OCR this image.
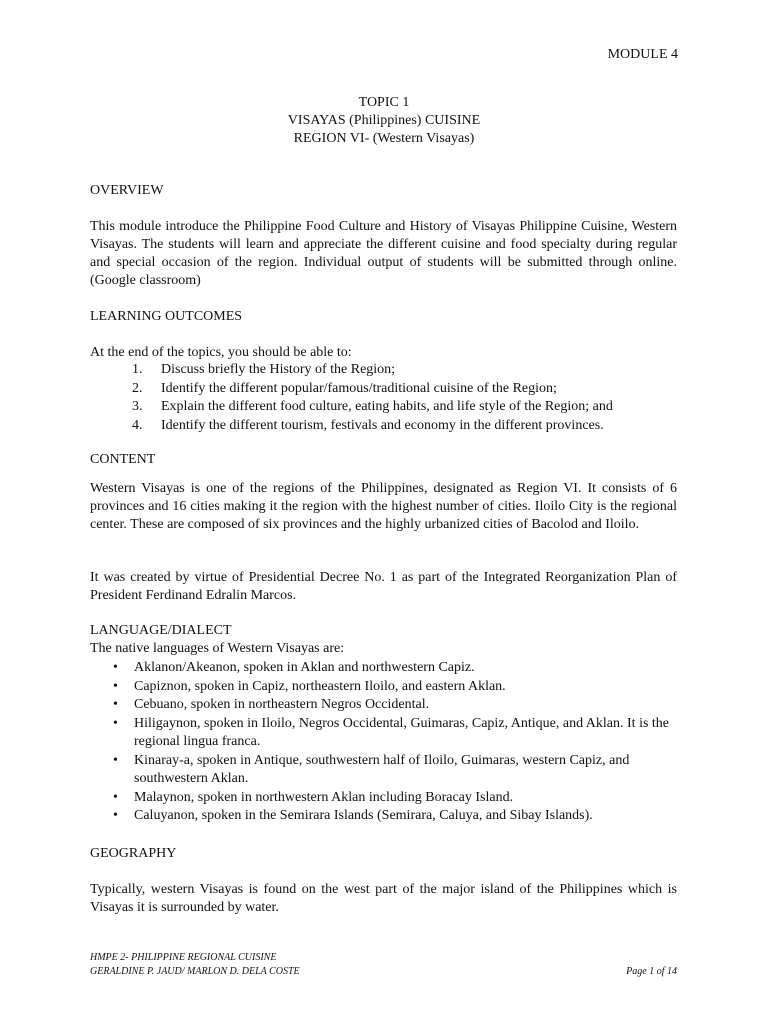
MODULE 4
TOPIC 1
VISAYAS (Philippines) CUISINE
REGION VI- (Western Visayas)
OVERVIEW
This module introduce the Philippine Food Culture and History of Visayas Philippine Cuisine, Western Visayas. The students will learn and appreciate the different cuisine and food specialty during regular and special occasion of the region. Individual output of students will be submitted through online. (Google classroom)
LEARNING OUTCOMES
At the end of the topics, you should be able to:
1. Discuss briefly the History of the Region;
2. Identify the different popular/famous/traditional cuisine of the Region;
3. Explain the different food culture, eating habits, and life style of the Region; and
4. Identify the different tourism, festivals and economy in the different provinces.
CONTENT
Western Visayas is one of the regions of the Philippines, designated as Region VI. It consists of 6 provinces and 16 cities making it the region with the highest number of cities. Iloilo City is the regional center. These are composed of six provinces and the highly urbanized cities of Bacolod and Iloilo.
It was created by virtue of Presidential Decree No. 1 as part of the Integrated Reorganization Plan of President Ferdinand Edralin Marcos.
LANGUAGE/DIALECT
The native languages of Western Visayas are:
• Aklanon/Akeanon, spoken in Aklan and northwestern Capiz.
• Capiznon, spoken in Capiz, northeastern Iloilo, and eastern Aklan.
• Cebuano, spoken in northeastern Negros Occidental.
• Hiligaynon, spoken in Iloilo, Negros Occidental, Guimaras, Capiz, Antique, and Aklan. It is the regional lingua franca.
• Kinaray-a, spoken in Antique, southwestern half of Iloilo, Guimaras, western Capiz, and southwestern Aklan.
• Malaynon, spoken in northwestern Aklan including Boracay Island.
• Caluyanon, spoken in the Semirara Islands (Semirara, Caluya, and Sibay Islands).
GEOGRAPHY
Typically, western Visayas is found on the west part of the major island of the Philippines which is Visayas it is surrounded by water.
HMPE 2- PHILIPPINE REGIONAL CUISINE
GERALDINE P. JAUD/ MARLON D. DELA COSTE	Page 1 of 14
